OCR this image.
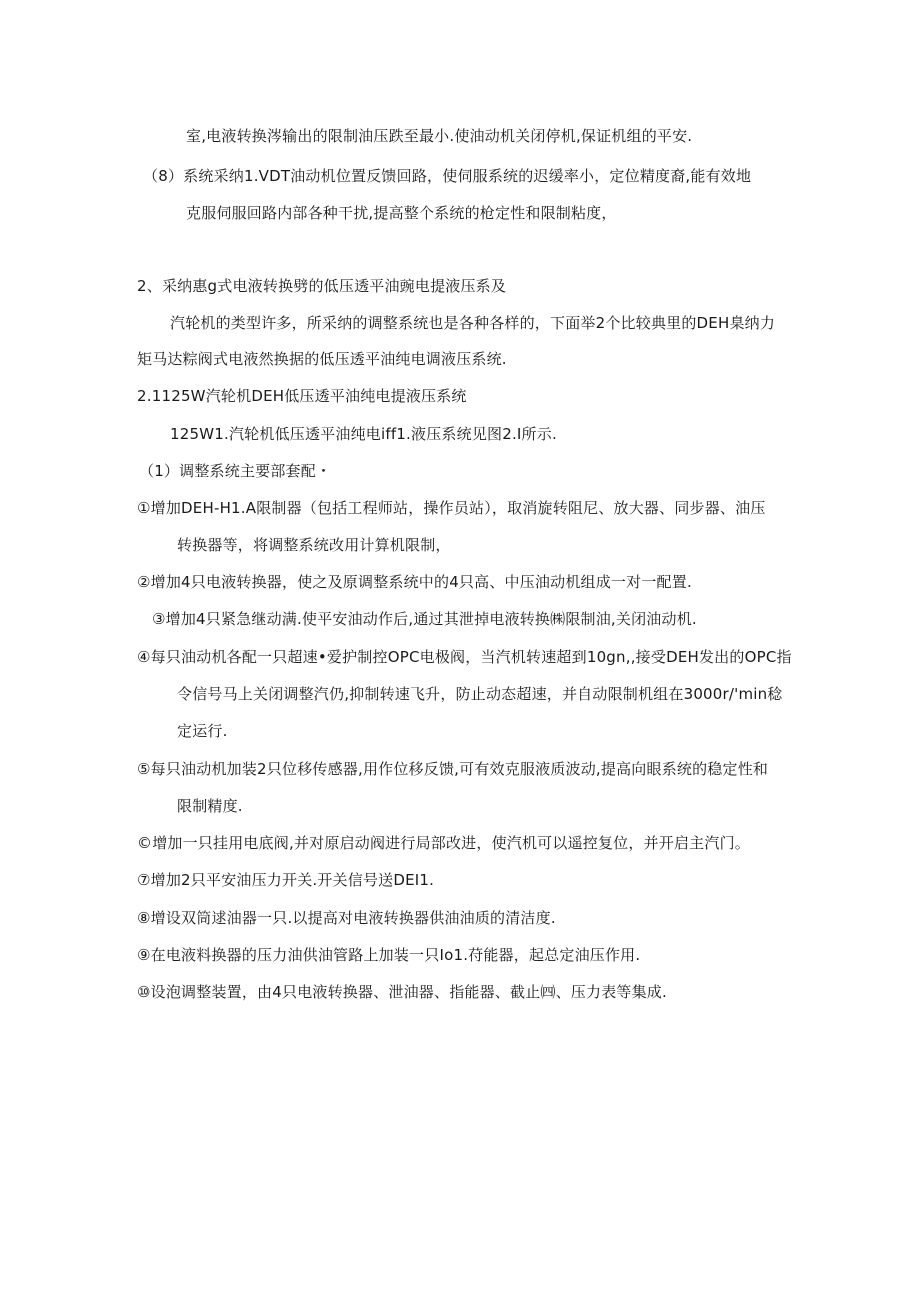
室,电液转换涔输出的限制油压跌至最小.使油动机关闭停机,保证机组的平安.
（8）系统采纳1.VDT油动机位置反馈回路，使伺服系统的迟缓率小，定位精度裔,能有效地
克服伺服回路内部各种干扰,提高整个系统的枪定性和限制粘度，
2、采纳惠g式电液转换劈的低压透平油豌电提液压系及
汽轮机的类型许多，所采纳的调整系统也是各种各样的，下面举2个比较典里的DEH臬纳力
矩马达粽阀式电液然换据的低压透平油纯电调液压系统.
2.1125W汽轮机DEH低压透平油纯电提液压系统
125W1.汽轮机低压透平油纯电iff1.液压系统见图2.I所示.
（1）调整系统主要部套配・
①增加DEH-H1.A限制器（包括工程师站，操作员站），取消旋转阻尼、放大器、同步器、油压
转换器等，将调整系统改用计算机限制，
②增加4只电液转换器，使之及原调整系统中的4只高、中压油动机组成一对一配置.
③增加4只紧急继动满.使平安油动作后,通过其泄掉电液转换㈱限制油,关闭油动机.
④每只油动机各配一只超速•爱护制控OPC电极阀，当汽机转速超到10gn,,接受DEH发出的OPC指
令信号马上关闭调整汽仍,抑制转速飞升，防止动态超速，并自动限制机组在3000r/'min稔
定运行.
⑤每只油动机加装2只位移传感器,用作位移反馈,可有效克服液质波动,提高向眼系统的稳定性和
限制精度.
©增加一只挂用电底阀,并对原启动阀进行局部改进，使汽机可以遥控复位，并开启主汽门。
⑦增加2只平安油压力开关.开关信号送DEI1.
⑧增设双筒逑油器一只.以提高对电液转换器供油油质的清洁度.
⑨在电液料换器的压力油供油管路上加装一只Io1.苻能器，起总定油压作用.
⑩设泡调整装置，由4只电液转换器、泄油器、指能器、截止㈣、压力表等集成.
